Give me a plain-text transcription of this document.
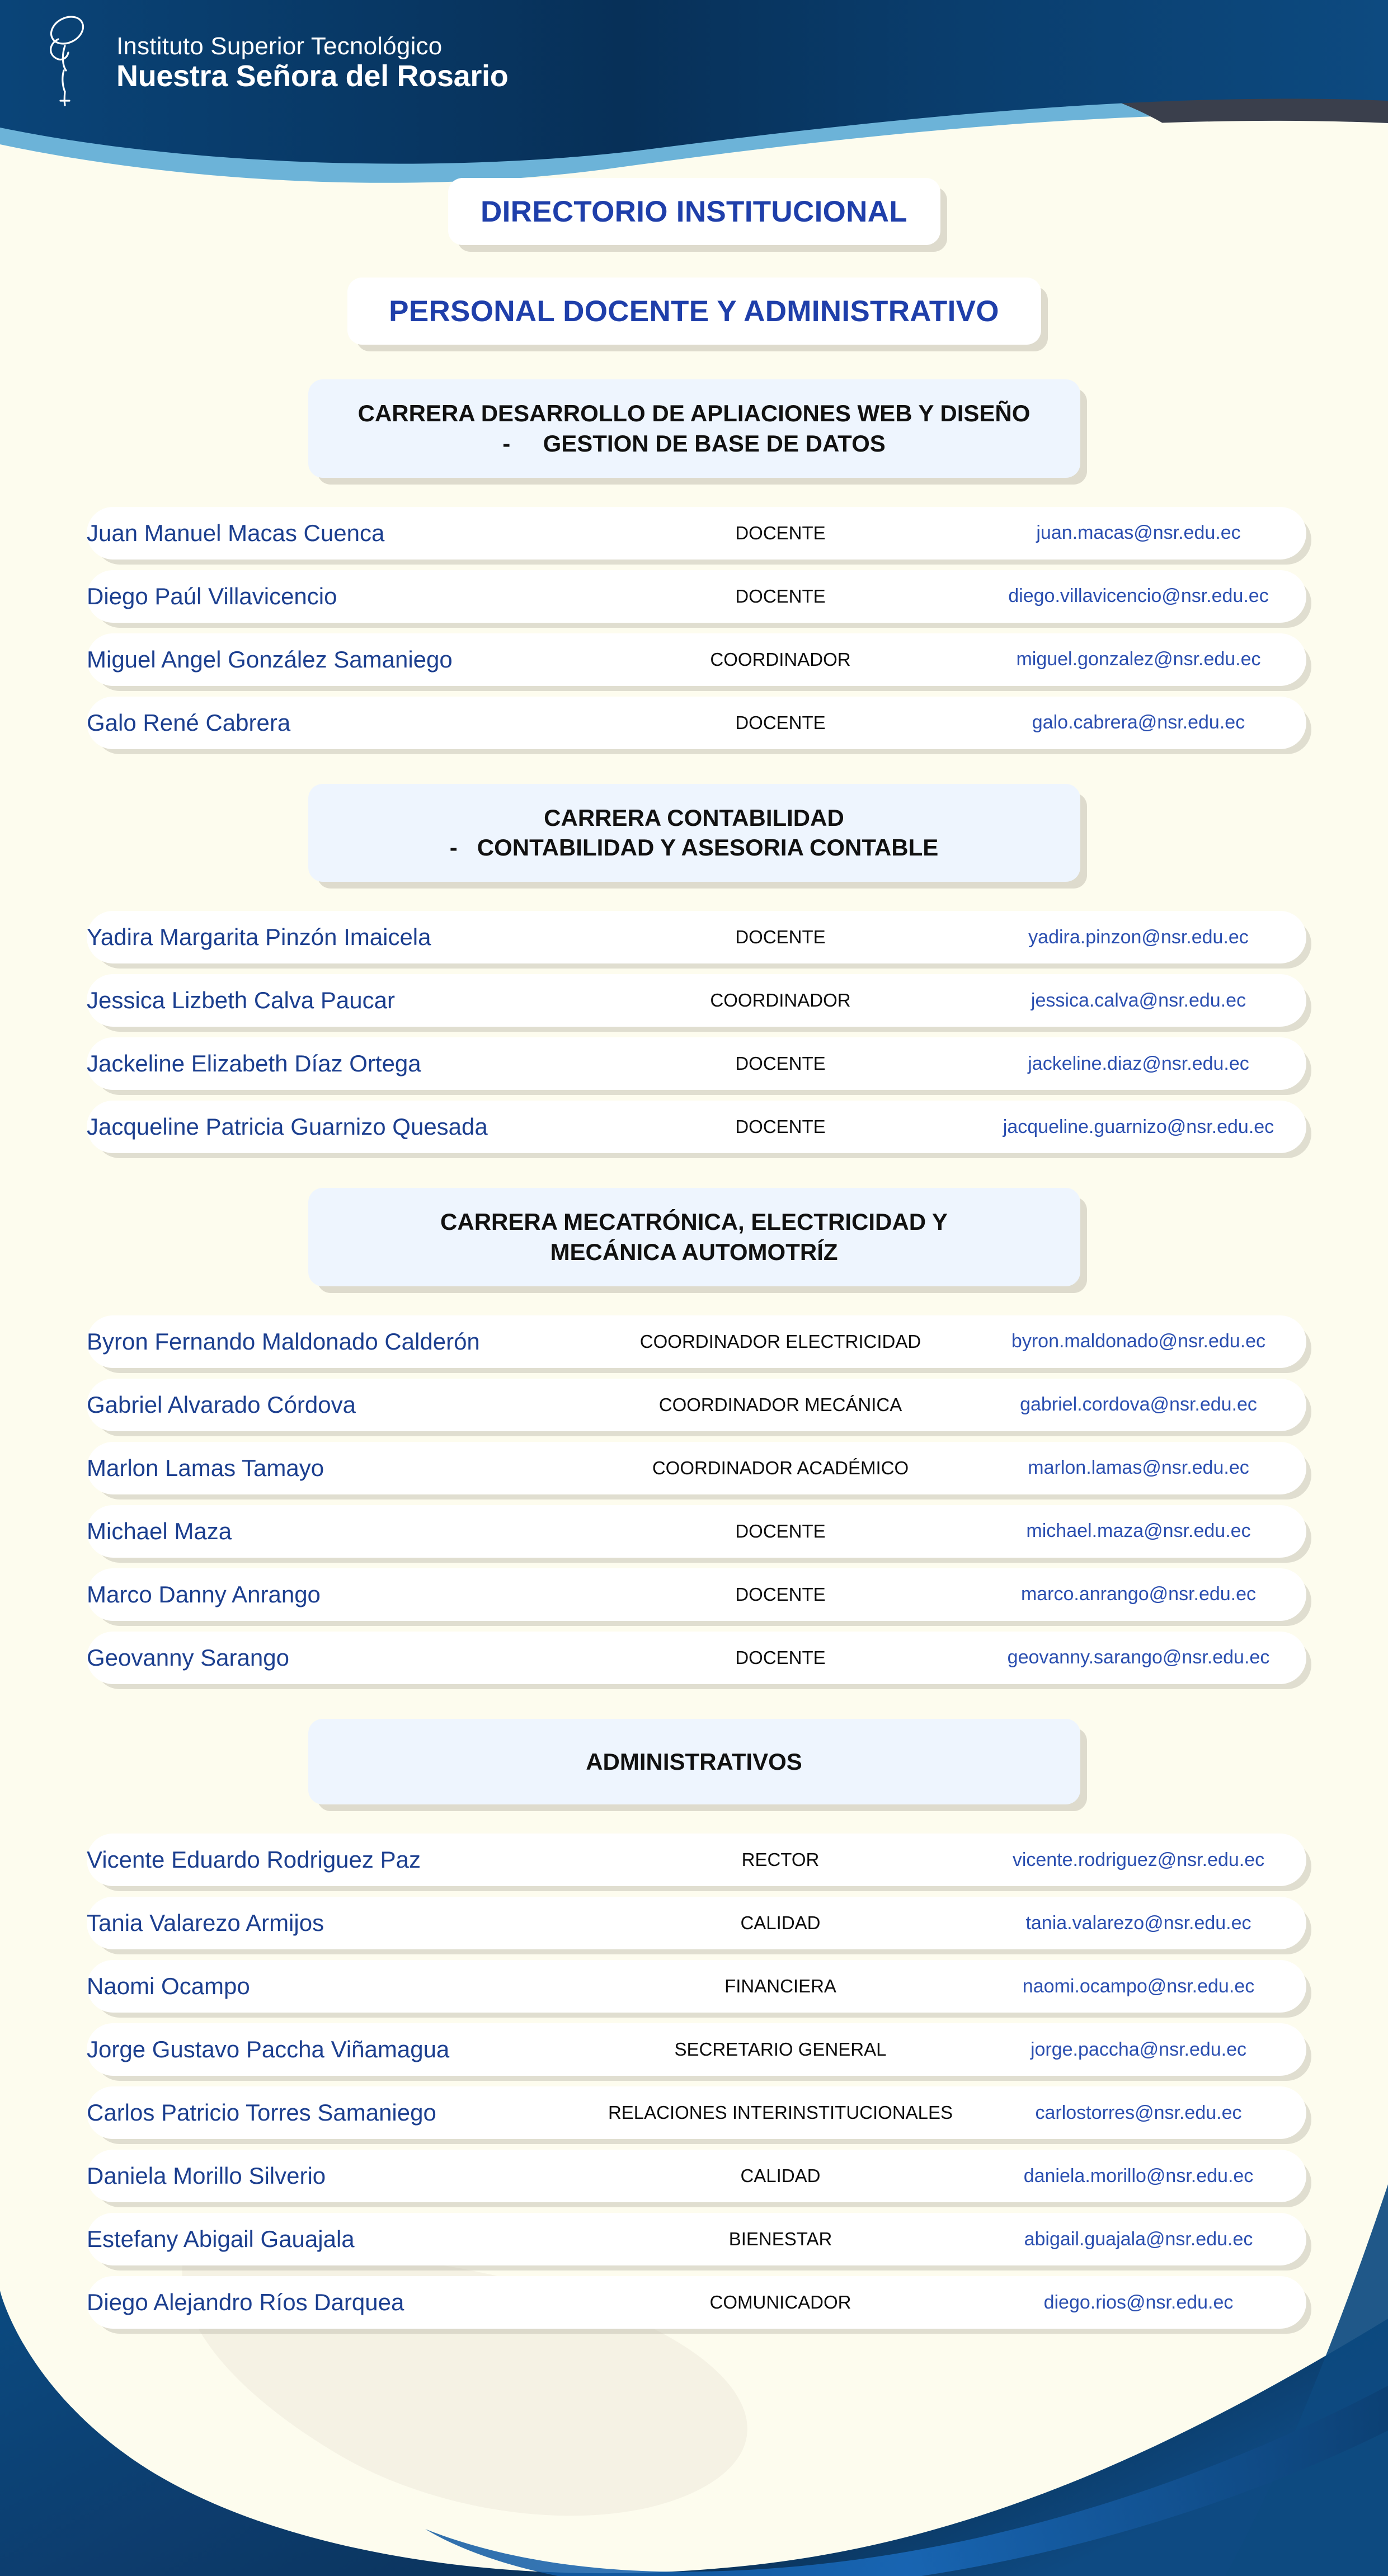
Instituto Superior Tecnológico
Nuestra Señora del Rosario
DIRECTORIO INSTITUCIONAL
PERSONAL DOCENTE Y ADMINISTRATIVO
CARRERA DESARROLLO DE APLIACIONES WEB Y DISEÑO
-     GESTION DE BASE DE DATOS
Juan Manuel Macas Cuenca	DOCENTE	juan.macas@nsr.edu.ec
Diego Paúl Villavicencio	DOCENTE	diego.villavicencio@nsr.edu.ec
Miguel Angel González Samaniego	COORDINADOR	miguel.gonzalez@nsr.edu.ec
Galo René Cabrera	DOCENTE	galo.cabrera@nsr.edu.ec
CARRERA CONTABILIDAD
-   CONTABILIDAD Y ASESORIA CONTABLE
Yadira Margarita Pinzón Imaicela	DOCENTE	yadira.pinzon@nsr.edu.ec
Jessica Lizbeth Calva Paucar	COORDINADOR	jessica.calva@nsr.edu.ec
Jackeline Elizabeth Díaz Ortega	DOCENTE	jackeline.diaz@nsr.edu.ec
Jacqueline Patricia Guarnizo Quesada	DOCENTE	jacqueline.guarnizo@nsr.edu.ec
CARRERA MECATRÓNICA, ELECTRICIDAD Y
MECÁNICA AUTOMOTRÍZ
Byron Fernando Maldonado Calderón	COORDINADOR ELECTRICIDAD	byron.maldonado@nsr.edu.ec
Gabriel Alvarado Córdova	COORDINADOR MECÁNICA	gabriel.cordova@nsr.edu.ec
Marlon Lamas Tamayo	COORDINADOR ACADÉMICO	marlon.lamas@nsr.edu.ec
Michael Maza	DOCENTE	michael.maza@nsr.edu.ec
Marco Danny Anrango	DOCENTE	marco.anrango@nsr.edu.ec
Geovanny Sarango	DOCENTE	geovanny.sarango@nsr.edu.ec
ADMINISTRATIVOS
Vicente Eduardo Rodriguez Paz	RECTOR	vicente.rodriguez@nsr.edu.ec
Tania Valarezo Armijos	CALIDAD	tania.valarezo@nsr.edu.ec
Naomi Ocampo	FINANCIERA	naomi.ocampo@nsr.edu.ec
Jorge Gustavo Paccha Viñamagua	SECRETARIO GENERAL	jorge.paccha@nsr.edu.ec
Carlos Patricio Torres Samaniego	RELACIONES INTERINSTITUCIONALES	carlostorres@nsr.edu.ec
Daniela Morillo Silverio	CALIDAD	daniela.morillo@nsr.edu.ec
Estefany Abigail Gauajala	BIENESTAR	abigail.guajala@nsr.edu.ec
Diego Alejandro Ríos Darquea	COMUNICADOR	diego.rios@nsr.edu.ec
